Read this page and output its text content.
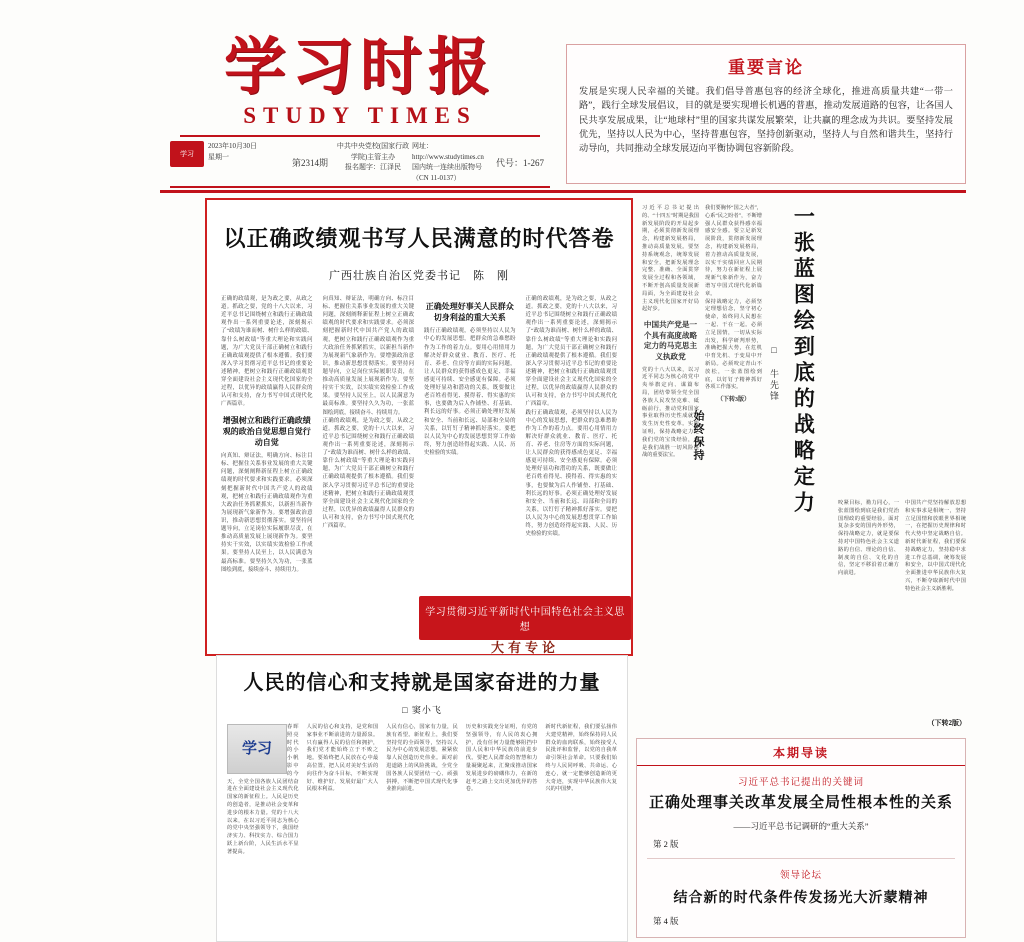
学习时报
STUDY TIMES
学习
2023年10月30日
星期一
第2314期
中共中央党校(国家行政学院)主管主办
报名题字：江泽民
网址：http://www.studytimes.cn
国内统一连续出版物号（CN 11-0137）
代号：1-267
重要言论
发展是实现人民幸福的关键。我们倡导普惠包容的经济全球化，推进高质量共建“一带一路”，践行全球发展倡议，目的就是要实现增长机遇的普惠，推动发展道路的包容，让各国人民共享发展成果，让“地球村”里的国家共谋发展繁荣，让共赢的理念成为共识。要坚持发展优先，坚持以人民为中心，坚持普惠包容，坚持创新驱动，坚持人与自然和谐共生，坚持行动导向，共同推动全球发展迈向平衡协调包容新阶段。
以正确政绩观书写人民满意的时代答卷
广西壮族自治区党委书记　陈　刚
正确的政绩观，是为政之要，从政之道。抓政之要，党的十八大以来，习近平总书记围绕树立和践行正确政绩观作出一系列重要论述，深刻揭示了“政绩为谁而树、树什么样的政绩、靠什么树政绩”等重大理论和实践问题，为广大党员干部正确树立和践行正确政绩观提供了根本遵循。我们要深入学习贯彻习近平总书记的重要论述精神，把树立和践行正确政绩观贯穿全面建设社会主义现代化国家的全过程，以优异的政绩赢得人民群众的认可和支持，奋力书写中国式现代化广西篇章。
增强树立和践行正确政绩观的政治自觉思想自觉行动自觉
向真知、辩证法，明确方向、标注目标、把握住关系事业发展的重大关键问题，深刻阐释新征程上树立正确政绩观的时代要求和实践要求。必须深刻把握新时代中国共产党人的政绩观，把树立和践行正确政绩观作为重大政治任务抓紧抓实，以新担当新作为展现新气象新作为。要增强政治意识，推动新思想贯彻落实。要坚持问题导向，立足岗位实际履职尽责，在推动高质量发展上展现新作为。要坚持实干实效，以实绩实效检验工作成果。要坚持人民至上，以人民满意为最高标准。要坚持久久为功，一张蓝图绘到底，接续奋斗、持续用力。
向真知、辩证法，明确方向、标注目标、把握住关系事业发展的重大关键问题，深刻阐释新征程上树立正确政绩观的时代要求和实践要求。必须深刻把握新时代中国共产党人的政绩观，把树立和践行正确政绩观作为重大政治任务抓紧抓实，以新担当新作为展现新气象新作为。要增强政治意识，推动新思想贯彻落实。要坚持问题导向，立足岗位实际履职尽责，在推动高质量发展上展现新作为。要坚持实干实效，以实绩实效检验工作成果。要坚持人民至上，以人民满意为最高标准。要坚持久久为功，一张蓝图绘到底，接续奋斗、持续用力。
正确的政绩观，是为政之要，从政之道。抓政之要，党的十八大以来，习近平总书记围绕树立和践行正确政绩观作出一系列重要论述，深刻揭示了“政绩为谁而树、树什么样的政绩、靠什么树政绩”等重大理论和实践问题，为广大党员干部正确树立和践行正确政绩观提供了根本遵循。我们要深入学习贯彻习近平总书记的重要论述精神，把树立和践行正确政绩观贯穿全面建设社会主义现代化国家的全过程，以优异的政绩赢得人民群众的认可和支持，奋力书写中国式现代化广西篇章。
正确处理好事关人民群众切身利益的重大关系
践行正确政绩观，必须坚持以人民为中心的发展思想，把群众的急难愁盼作为工作的着力点。要用心用情用力解决好群众就业、教育、医疗、托育、养老、住房等方面的实际问题，让人民群众的获得感成色更足、幸福感更可持续、安全感更有保障。必须处理好显功和潜功的关系，既要做让老百姓看得见、摸得着、得实惠的实事，也要做为后人作铺垫、打基础、利长远的好事。必须正确处理好发展和安全、当前和长远、局部和全局的关系，以钉钉子精神抓好落实。要把以人民为中心的发展思想贯穿工作始终，努力创造经得起实践、人民、历史检验的实绩。
正确的政绩观，是为政之要，从政之道。抓政之要，党的十八大以来，习近平总书记围绕树立和践行正确政绩观作出一系列重要论述，深刻揭示了“政绩为谁而树、树什么样的政绩、靠什么树政绩”等重大理论和实践问题，为广大党员干部正确树立和践行正确政绩观提供了根本遵循。我们要深入学习贯彻习近平总书记的重要论述精神，把树立和践行正确政绩观贯穿全面建设社会主义现代化国家的全过程，以优异的政绩赢得人民群众的认可和支持，奋力书写中国式现代化广西篇章。
践行正确政绩观，必须坚持以人民为中心的发展思想，把群众的急难愁盼作为工作的着力点。要用心用情用力解决好群众就业、教育、医疗、托育、养老、住房等方面的实际问题，让人民群众的获得感成色更足、幸福感更可持续、安全感更有保障。必须处理好显功和潜功的关系，既要做让老百姓看得见、摸得着、得实惠的实事，也要做为后人作铺垫、打基础、利长远的好事。必须正确处理好发展和安全、当前和长远、局部和全局的关系，以钉钉子精神抓好落实。要把以人民为中心的发展思想贯穿工作始终，努力创造经得起实践、人民、历史检验的实绩。
学习贯彻习近平新时代中国特色社会主义思想
大有专论
习近平总书记提出的、“十四五”时期是我国新发展阶段的开局起步期，必须贯彻新发展理念，构建新发展格局，推动高质量发展。要坚持系统观念，统筹发展和安全，把新发展理念完整、准确、全面贯穿发展全过程和各领域，不断开创高质量发展新局面，为全面建设社会主义现代化国家开好局起好步。
中国共产党是一个具有高度战略定力的马克思主义执政党
党的十八大以来，以习近平同志为核心的党中央举旗定向、谋篇布局，团结带领全党全国各族人民攻坚克难、砥砺前行，推动党和国家事业取得历史性成就、发生历史性变革。实践证明，保持战略定力是我们党的宝贵经验，也是我们战胜一切风险挑战的重要法宝。
我们要胸怀“国之大者”，心系“民之盼者”，不断增强人民群众获得感幸福感安全感。要立足新发展阶段，贯彻新发展理念，构建新发展格局，着力推动高质量发展，以实干实绩回应人民期待，努力在新征程上展现新气象新作为，奋力谱写中国式现代化新篇章。
保持战略定力，必须坚定理想信念，坚守初心使命，始终同人民想在一起、干在一起。必须立足国情，一切从实际出发，科学研判形势，准确把握大势，在危机中育先机、于变局中开新局。必须咬定青山不放松，一张蓝图绘到底，以钉钉子精神抓好各项工作落实。
（下转3版）	一张蓝图绘到底的战略定力
始终保持
□ 牛先锋
咬紧目标，勠力同心，一张蓝图绘到底是我们党治国理政的重要经验。面对复杂多变的国内外形势，保持战略定力，就是要保持对中国特色社会主义道路的自信、理论的自信、制度的自信、文化的自信，坚定不移沿着正确方向前进。
中国共产党坚持解放思想和实事求是相统一，坚持立足国情和放眼世界相统一，在把握历史规律和时代大势中坚定战略自信。新时代新征程，我们要保持战略定力，坚持稳中求进工作总基调，统筹发展和安全，以中国式现代化全面推进中华民族伟大复兴，不断夺取新时代中国特色社会主义新胜利。
（下转2版）
人民的信心和支持就是国家奋进的力量
□ 窦小飞
学习
春晖照亮时代的小小帆影中的今天，全党全国各族人民团结奋进在全面建设社会主义现代化国家的新征程上。人民是历史的创造者，是推动社会变革和进步的根本力量。党的十八大以来，在以习近平同志为核心的党中央坚强领导下，我国经济实力、科技实力、综合国力跃上新台阶，人民生活水平显著提高。
人民的信心和支持，是党和国家事业不断前进的力量源泉。只有赢得人民的信任和拥护，我们党才能始终立于不败之地。要始终把人民放在心中最高位置，把人民对美好生活的向往作为奋斗目标，不断实现好、维护好、发展好最广大人民根本利益。
人民有信心，国家有力量，民族有希望。新征程上，我们要坚持党的全面领导，坚持以人民为中心的发展思想，紧紧依靠人民创造历史伟业。面对前进道路上的风险挑战，全党全国各族人民要团结一心、顽强拼搏，不断把中国式现代化事业推向前进。
历史和实践充分证明，有党的坚强领导，有人民的衷心拥护，没有任何力量能够阻挡中国人民和中华民族的前进步伐。要把人民群众的智慧和力量凝聚起来，汇聚成推动国家发展进步的磅礴伟力，在新的赶考之路上交出更加优异的答卷。
新时代新征程，我们要弘扬伟大建党精神，始终保持同人民群众的血肉联系，始终接受人民批评和监督，以党的自我革命引领社会革命。只要我们始终与人民同呼吸、共命运、心连心，就一定能够创造新的更大奇迹，实现中华民族伟大复兴的中国梦。
本期导读
习近平总书记提出的关键词
正确处理事关改革发展全局性根本性的关系
——习近平总书记调研的“重大关系”
第 2 版
领导论坛
结合新的时代条件传发扬光大沂蒙精神
第 4 版
